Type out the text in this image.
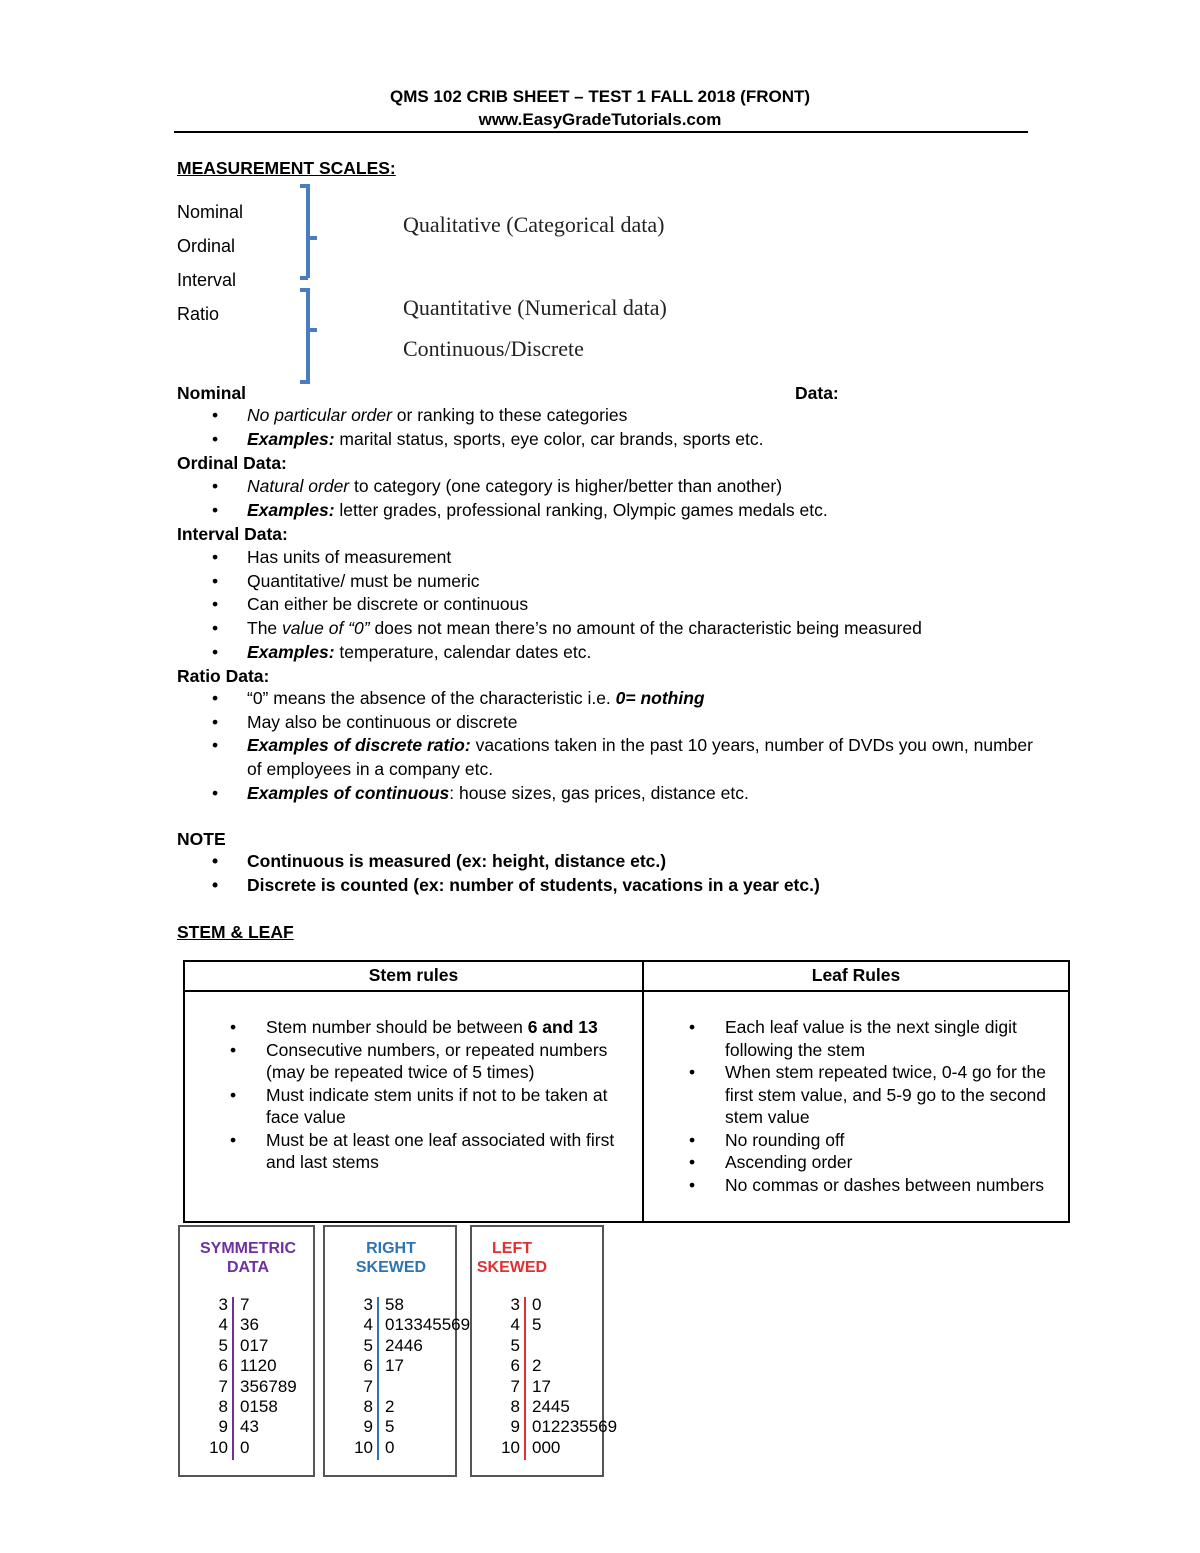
QMS 102 CRIB SHEET – TEST 1 FALL 2018 (FRONT)
www.EasyGradeTutorials.com
MEASUREMENT SCALES:
Nominal
Ordinal
Interval
Ratio
Qualitative (Categorical data)
Quantitative (Numerical data)
Continuous/Discrete
Nominal	Data:
• No particular order or ranking to these categories
• Examples: marital status, sports, eye color, car brands, sports etc.
Ordinal Data:
• Natural order to category (one category is higher/better than another)
• Examples: letter grades, professional ranking, Olympic games medals etc.
Interval Data:
• Has units of measurement
• Quantitative/ must be numeric
• Can either be discrete or continuous
• The value of “0” does not mean there’s no amount of the characteristic being measured
• Examples: temperature, calendar dates etc.
Ratio Data:
• “0” means the absence of the characteristic i.e. 0= nothing
• May also be continuous or discrete
• Examples of discrete ratio: vacations taken in the past 10 years, number of DVDs you own, number of employees in a company etc.
• Examples of continuous: house sizes, gas prices, distance etc.
NOTE
• Continuous is measured (ex: height, distance etc.)
• Discrete is counted (ex: number of students, vacations in a year etc.)
STEM & LEAF
Stem rules	Leaf Rules
• Stem number should be between 6 and 13
• Consecutive numbers, or repeated numbers (may be repeated twice of 5 times)
• Must indicate stem units if not to be taken at face value
• Must be at least one leaf associated with first and last stems
• Each leaf value is the next single digit following the stem
• When stem repeated twice, 0-4 go for the first stem value, and 5-9 go to the second stem value
• No rounding off
• Ascending order
• No commas or dashes between numbers
SYMMETRIC
DATA
3 7
4 36
5 017
6 1120
7 356789
8 0158
9 43
10 0
RIGHT
SKEWED
3 58
4 013345569
5 2446
6 17
7
8 2
9 5
10 0
LEFT
SKEWED
3 0
4 5
5
6 2
7 17
8 2445
9 012235569
10 000
